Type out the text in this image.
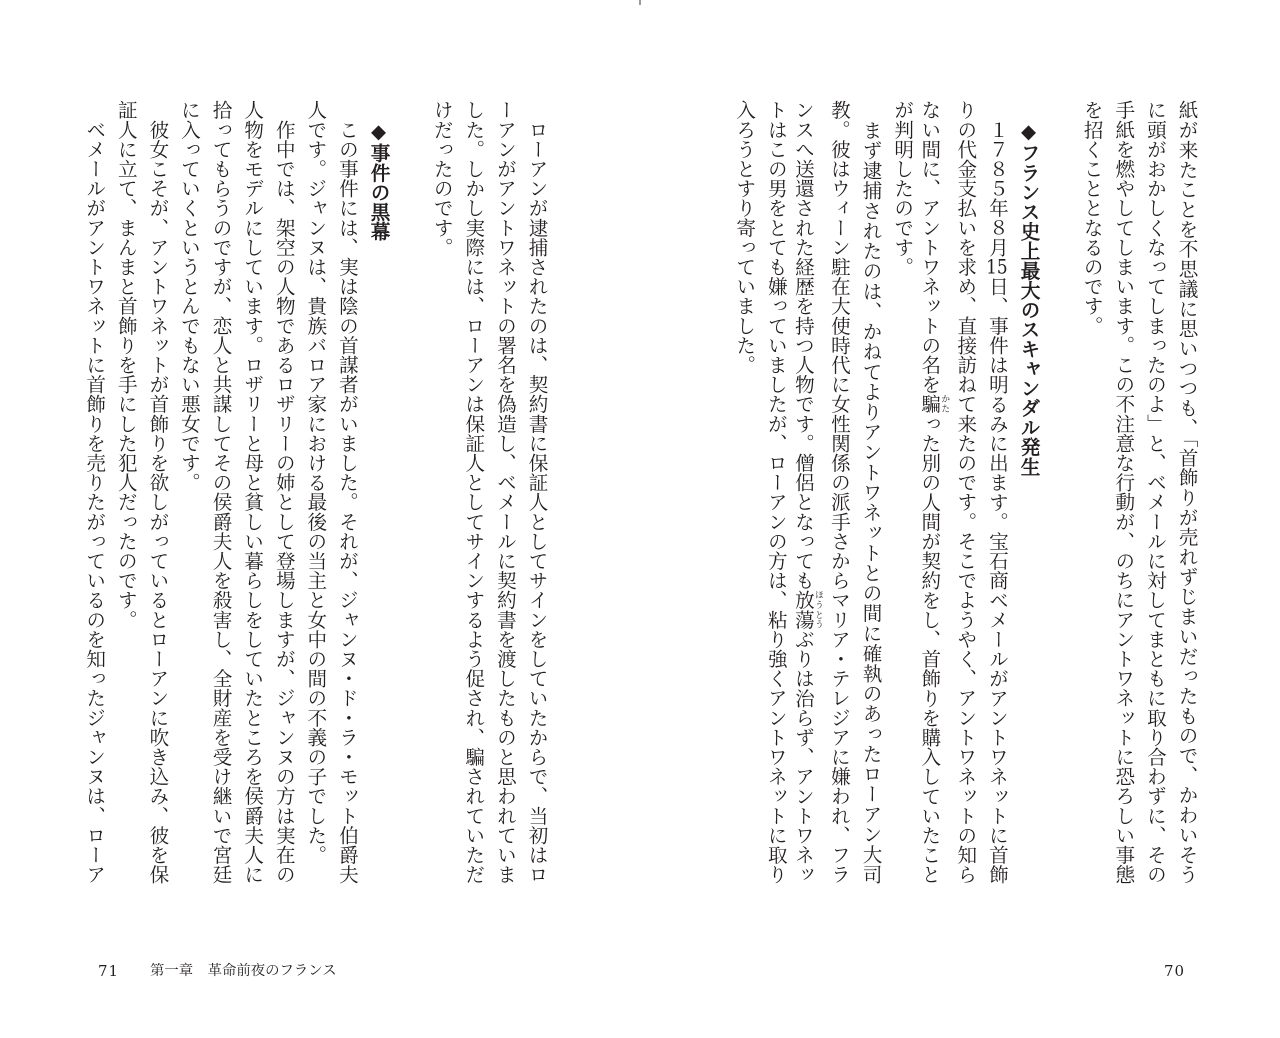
　ローアンが逮捕されたのは、契約書に保証人としてサインをしていたからで、当初はロ
ーアンがアントワネットの署名を偽造し、ベメールに契約書を渡したものと思われていま
した。しかし実際には、ローアンは保証人としてサインするよう促され、騙されていただ
けだったのです。
◆事件の黒幕
　この事件には、実は陰の首謀者がいました。それが、ジャンヌ・ド・ラ・モット伯爵夫
人です。ジャンヌは、貴族バロア家における最後の当主と女中の間の不義の子でした。
　作中では、架空の人物であるロザリーの姉として登場しますが、ジャンヌの方は実在の
人物をモデルにしています。ロザリーと母と貧しい暮らしをしていたところを侯爵夫人に
拾ってもらうのですが、恋人と共謀してその侯爵夫人を殺害し、全財産を受け継いで宮廷
に入っていくというとんでもない悪女です。
　彼女こそが、アントワネットが首飾りを欲しがっているとローアンに吹き込み、彼を保
証人に立て、まんまと首飾りを手にした犯人だったのです。
　ベメールがアントワネットに首飾りを売りたがっているのを知ったジャンヌは、ローア	紙が来たことを不思議に思いつつも、「首飾りが売れずじまいだったもので、かわいそう
に頭がおかしくなってしまったのよ」と、ベメールに対してまともに取り合わずに、その
手紙を燃やしてしまいます。この不注意な行動が、のちにアントワネットに恐ろしい事態
を招くこととなるのです。
◆フランス史上最大のスキャンダル発生
　１７８５年８月15日、事件は明るみに出ます。宝石商ベメールがアントワネットに首飾
りの代金支払いを求め、直接訪ねて来たのです。そこでようやく、アントワネットの知ら
ない間に、アントワネットの名を騙かたった別の人間が契約をし、首飾りを購入していたこと
が判明したのです。
　まず逮捕されたのは、かねてよりアントワネットとの間に確執のあったローアン大司
教。彼はウィーン駐在大使時代に女性関係の派手さからマリア・テレジアに嫌われ、フラ
ンスへ送還された経歴を持つ人物です。僧侶となっても放蕩ほうとうぶりは治らず、アントワネッ
トはこの男をとても嫌っていましたが、ローアンの方は、粘り強くアントワネットに取り
入ろうとすり寄っていました。
71 第一章　革命前夜のフランス	70
